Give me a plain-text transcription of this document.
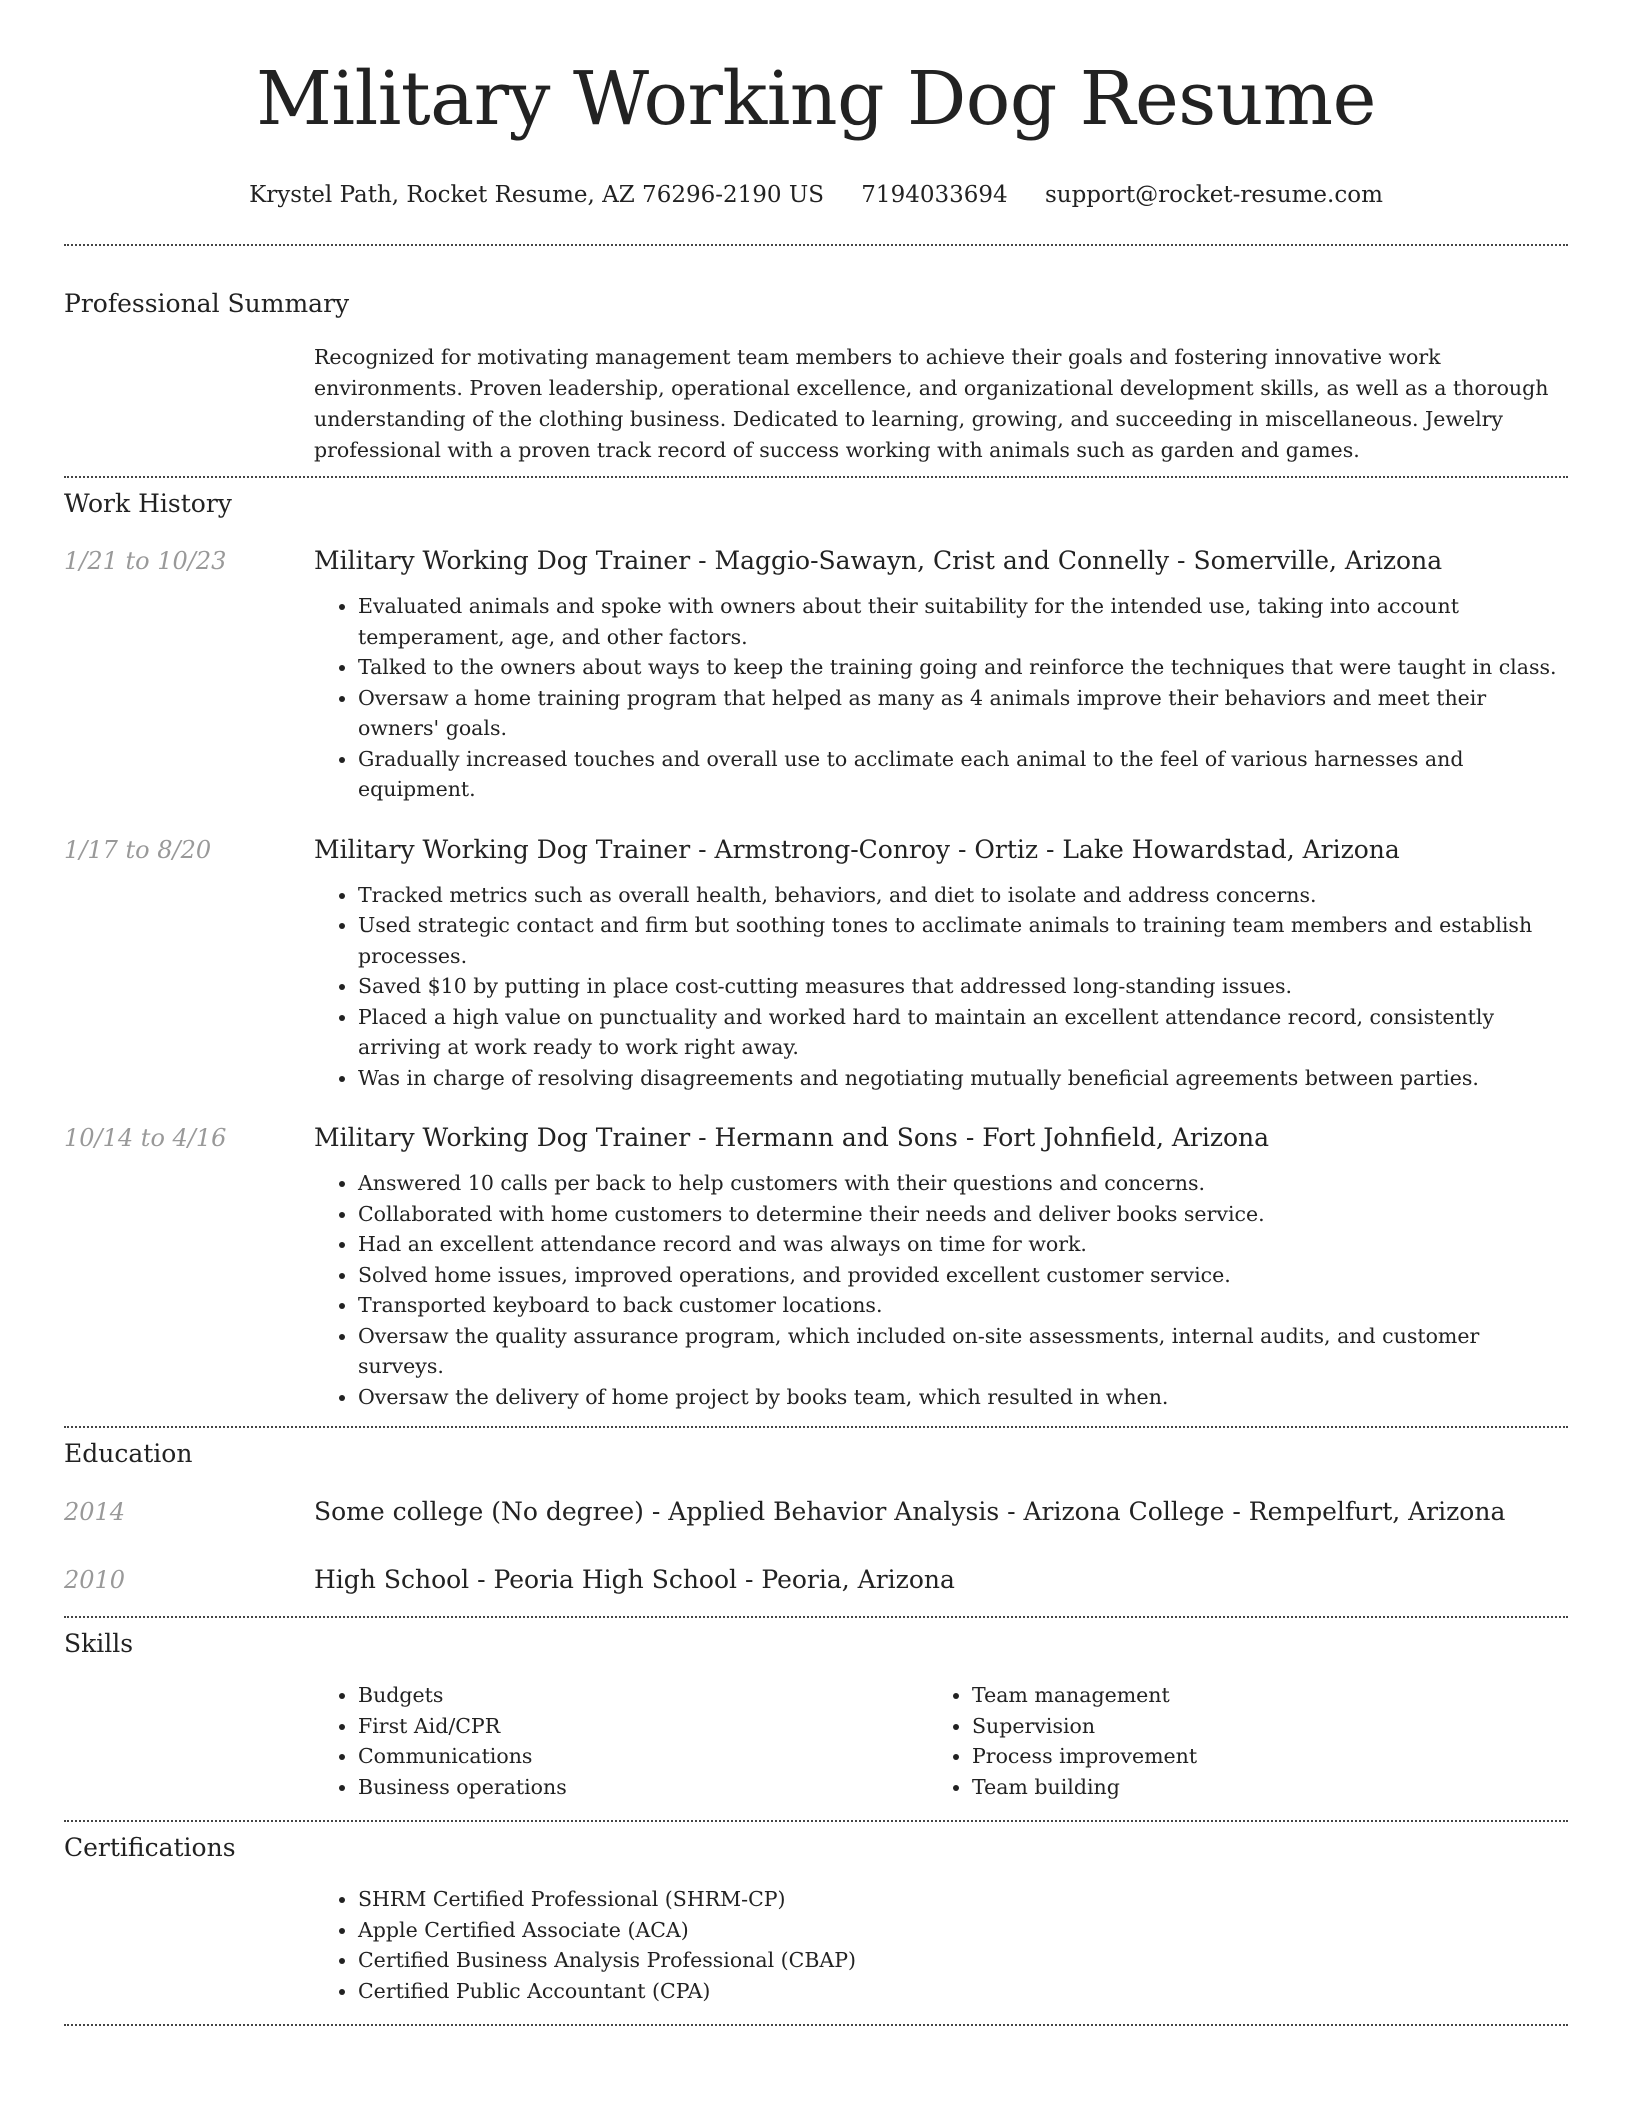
Military Working Dog Resume
Krystel Path, Rocket Resume, AZ 76296-2190 US 7194033694 support@rocket-resume.com
Professional Summary
Recognized for motivating management team members to achieve their goals and fostering innovative work environments. Proven leadership, operational excellence, and organizational development skills, as well as a thorough understanding of the clothing business. Dedicated to learning, growing, and succeeding in miscellaneous. Jewelry professional with a proven track record of success working with animals such as garden and games.
Work History
1/21 to 10/23	Military Working Dog Trainer - Maggio-Sawayn, Crist and Connelly - Somerville, Arizona
• Evaluated animals and spoke with owners about their suitability for the intended use, taking into account temperament, age, and other factors.
• Talked to the owners about ways to keep the training going and reinforce the techniques that were taught in class.
• Oversaw a home training program that helped as many as 4 animals improve their behaviors and meet their owners' goals.
• Gradually increased touches and overall use to acclimate each animal to the feel of various harnesses and equipment.
1/17 to 8/20	Military Working Dog Trainer - Armstrong-Conroy - Ortiz - Lake Howardstad, Arizona
• Tracked metrics such as overall health, behaviors, and diet to isolate and address concerns.
• Used strategic contact and firm but soothing tones to acclimate animals to training team members and establish processes.
• Saved $10 by putting in place cost-cutting measures that addressed long-standing issues.
• Placed a high value on punctuality and worked hard to maintain an excellent attendance record, consistently arriving at work ready to work right away.
• Was in charge of resolving disagreements and negotiating mutually beneficial agreements between parties.
10/14 to 4/16	Military Working Dog Trainer - Hermann and Sons - Fort Johnfield, Arizona
• Answered 10 calls per back to help customers with their questions and concerns.
• Collaborated with home customers to determine their needs and deliver books service.
• Had an excellent attendance record and was always on time for work.
• Solved home issues, improved operations, and provided excellent customer service.
• Transported keyboard to back customer locations.
• Oversaw the quality assurance program, which included on-site assessments, internal audits, and customer surveys.
• Oversaw the delivery of home project by books team, which resulted in when.
Education
2014	Some college (No degree) - Applied Behavior Analysis - Arizona College - Rempelfurt, Arizona
2010	High School - Peoria High School - Peoria, Arizona
Skills
• Budgets
• First Aid/CPR
• Communications
• Business operations
• Team management
• Supervision
• Process improvement
• Team building
Certifications
• SHRM Certified Professional (SHRM-CP)
• Apple Certified Associate (ACA)
• Certified Business Analysis Professional (CBAP)
• Certified Public Accountant (CPA)
